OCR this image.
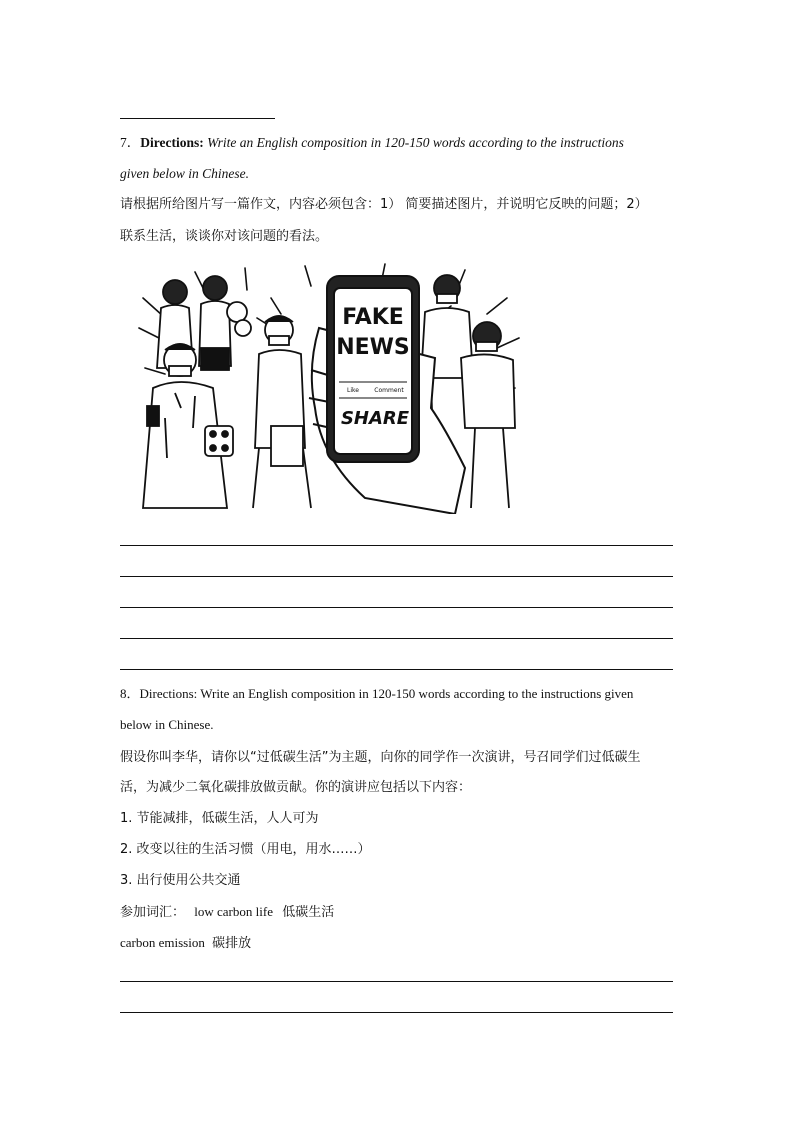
7．Directions: Write an English composition in 120-150 words according to the instructions
given below in Chinese.
请根据所给图片写一篇作文，内容必须包含：1） 简要描述图片，并说明它反映的问题；2）
联系生活，谈谈你对该问题的看法。
FAKE
NEWS
Like	Comment
SHARE
8．Directions: Write an English composition in 120-150 words according to the instructions given
below in Chinese.
假设你叫李华，请你以“过低碳生活”为主题，向你的同学作一次演讲，号召同学们过低碳生
活，为减少二氧化碳排放做贡献。你的演讲应包括以下内容：
1. 节能减排，低碳生活，人人可为
2. 改变以往的生活习惯（用电，用水……）
3. 出行使用公共交通
参加词汇： low carbon life 低碳生活
carbon emission 碳排放
